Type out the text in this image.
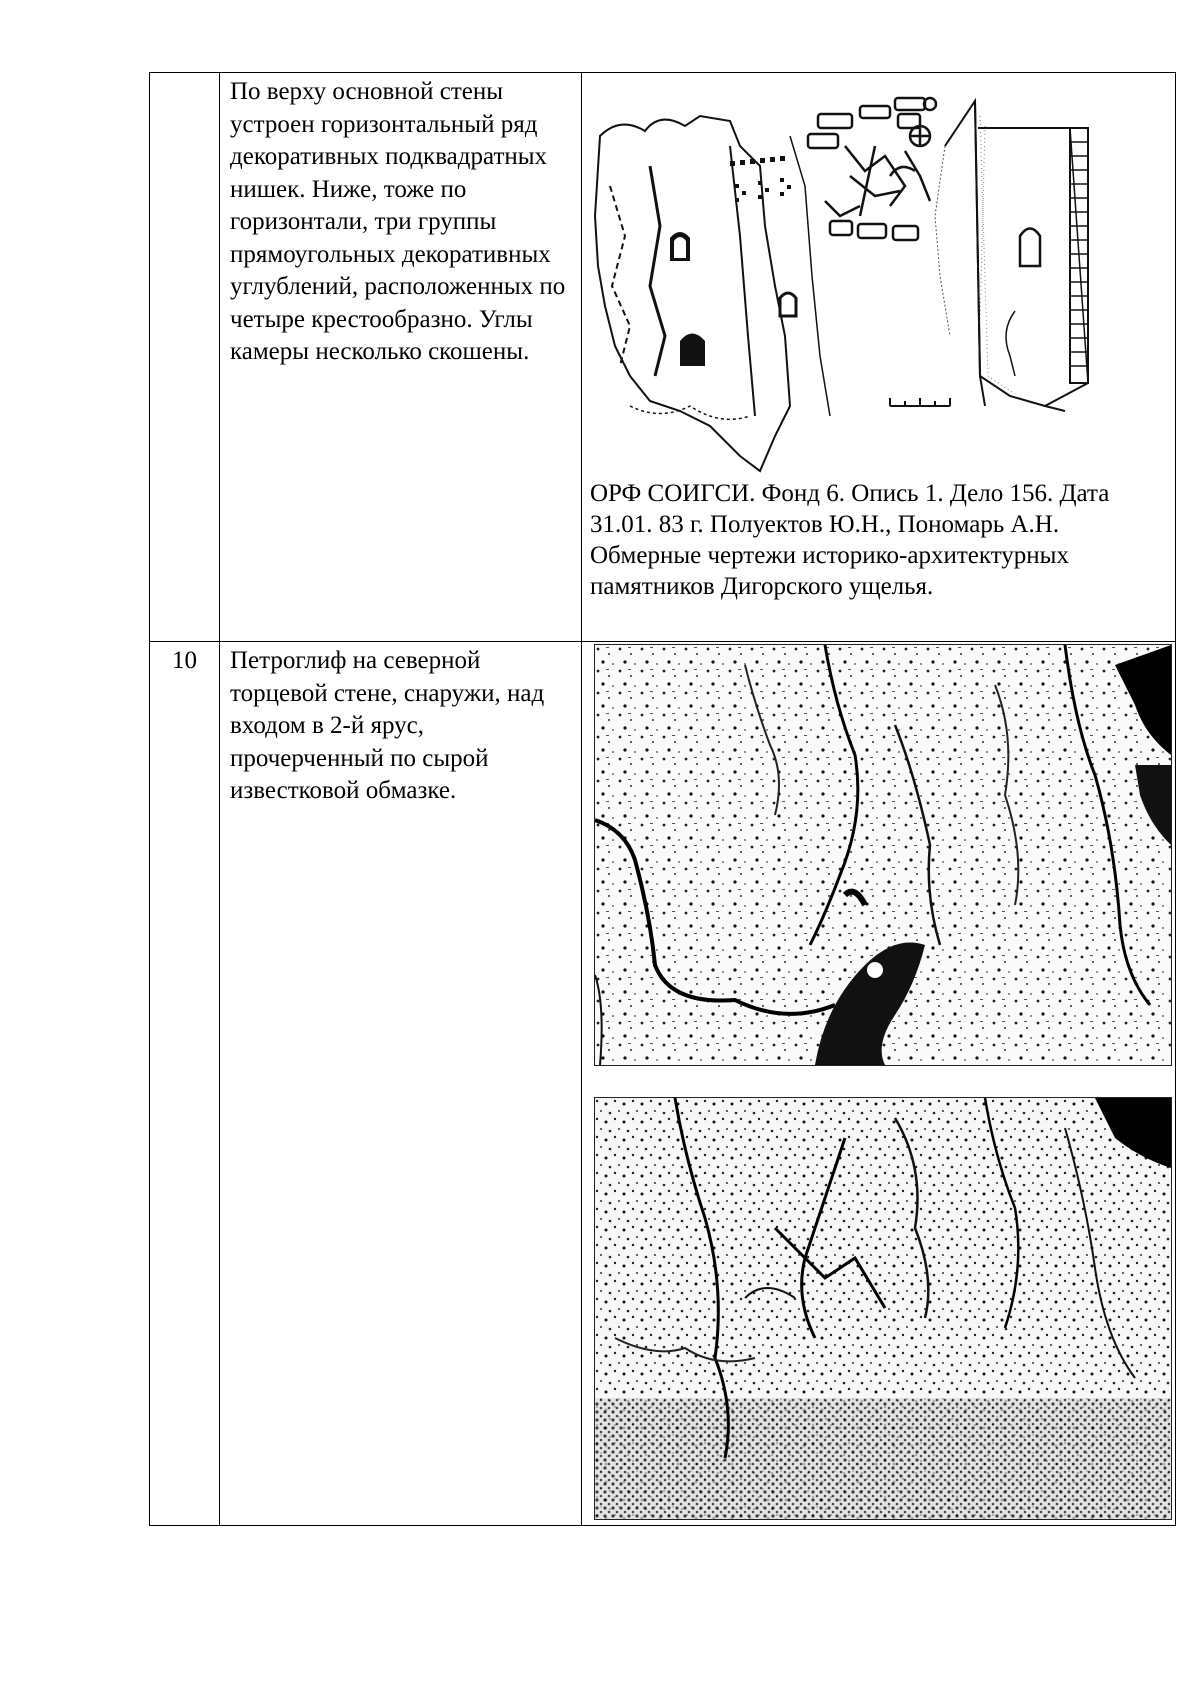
	По верху основной стены устроен горизонтальный ряд декоративных подквадратных нишек. Ниже, тоже по горизонтали, три группы прямоугольных декоративных углублений, расположенных по четыре крестообразно. Углы камеры несколько скошены.	ОРФ СОИГСИ. Фонд 6. Опись 1. Дело 156. Дата 31.01. 83 г. Полуектов Ю.Н., Пономарь А.Н. Обмерные чертежи историко-архитектурных памятников Дигорского ущелья.

10	Петроглиф на северной торцевой стене, снаружи, над входом в 2-й ярус, прочерченный по сырой известковой обмазке.
